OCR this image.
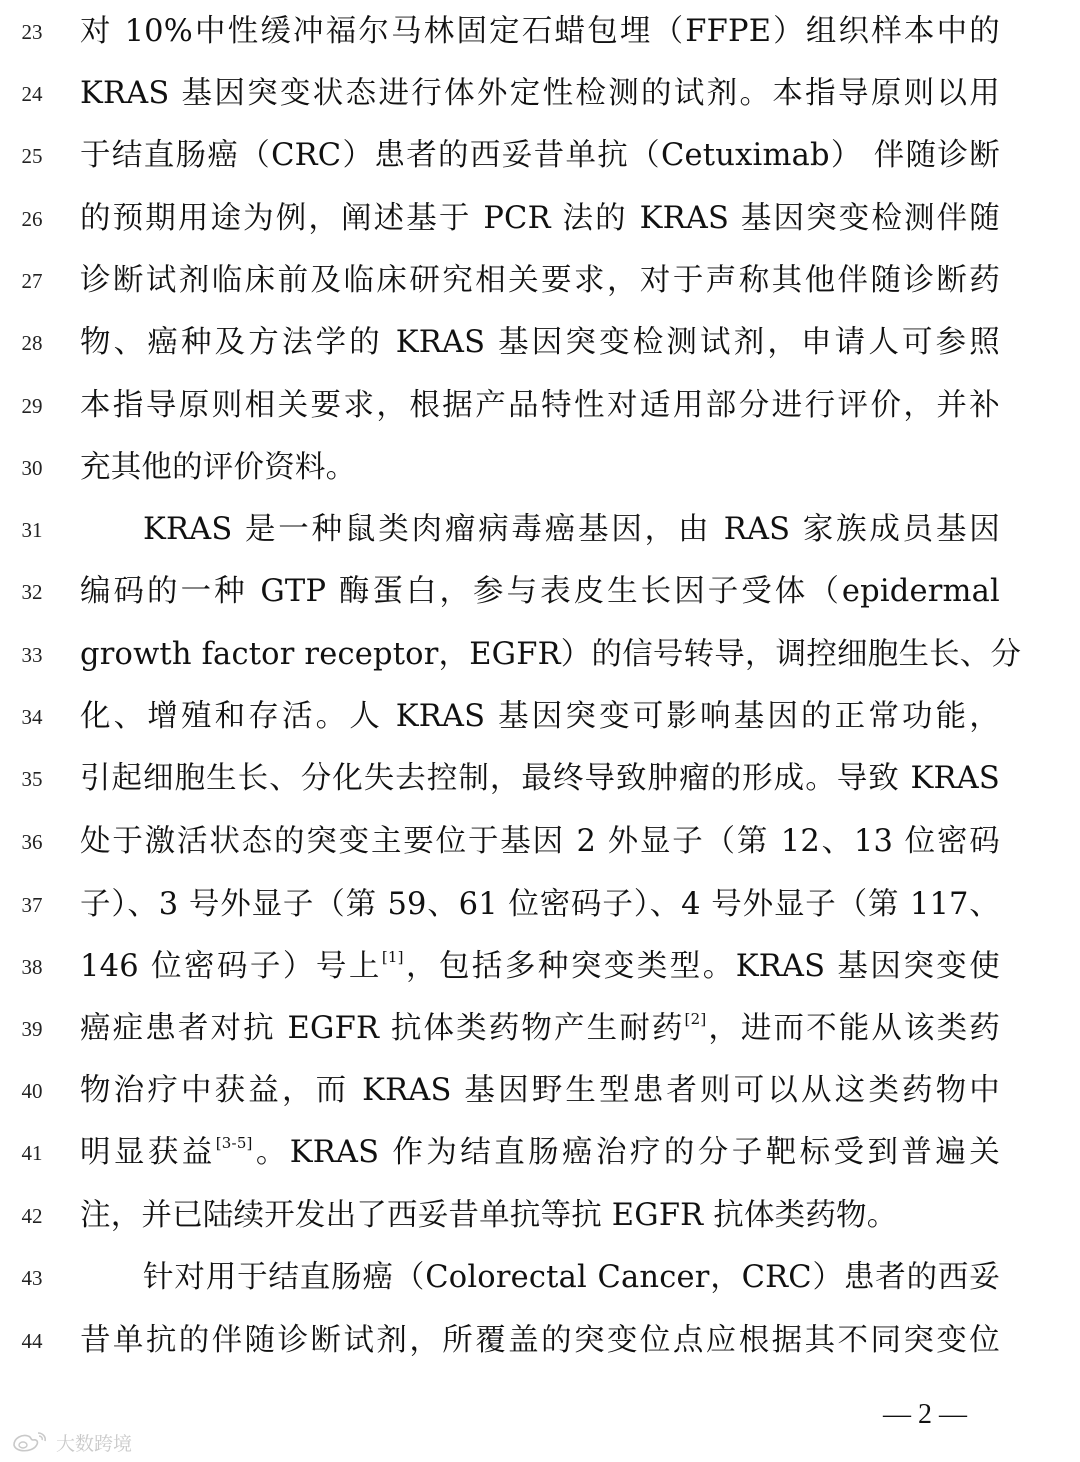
23 对 10%中性缓冲福尔马林固定石蜡包埋（FFPE）组织样本中的
24 KRAS 基因突变状态进行体外定性检测的试剂。本指导原则以用
25 于结直肠癌（CRC）患者的西妥昔单抗（Cetuximab） 伴随诊断
26 的预期用途为例，阐述基于 PCR 法的 KRAS 基因突变检测伴随
27 诊断试剂临床前及临床研究相关要求，对于声称其他伴随诊断药
28 物、癌种及方法学的 KRAS 基因突变检测试剂，申请人可参照
29 本指导原则相关要求，根据产品特性对适用部分进行评价，并补
30 充其他的评价资料。
31	KRAS 是一种鼠类肉瘤病毒癌基因，由 RAS 家族成员基因
32 编码的一种 GTP 酶蛋白，参与表皮生长因子受体（epidermal
33 growth factor receptor，EGFR）的信号转导，调控细胞生长、分
34 化、增殖和存活。人 KRAS 基因突变可影响基因的正常功能，
35 引起细胞生长、分化失去控制，最终导致肿瘤的形成。导致 KRAS
36 处于激活状态的突变主要位于基因 2 外显子（第 12、13 位密码
37 子）、3 号外显子（第 59、61 位密码子）、4 号外显子（第 117、
38 146 位密码子）号上[1]，包括多种突变类型。KRAS 基因突变使
39 癌症患者对抗 EGFR 抗体类药物产生耐药[2]，进而不能从该类药
40 物治疗中获益，而 KRAS 基因野生型患者则可以从这类药物中
41 明显获益[3-5]。KRAS 作为结直肠癌治疗的分子靶标受到普遍关
42 注，并已陆续开发出了西妥昔单抗等抗 EGFR 抗体类药物。
43	针对用于结直肠癌（Colorectal Cancer，CRC）患者的西妥
44 昔单抗的伴随诊断试剂，所覆盖的突变位点应根据其不同突变位
— 2 —
大数跨境
